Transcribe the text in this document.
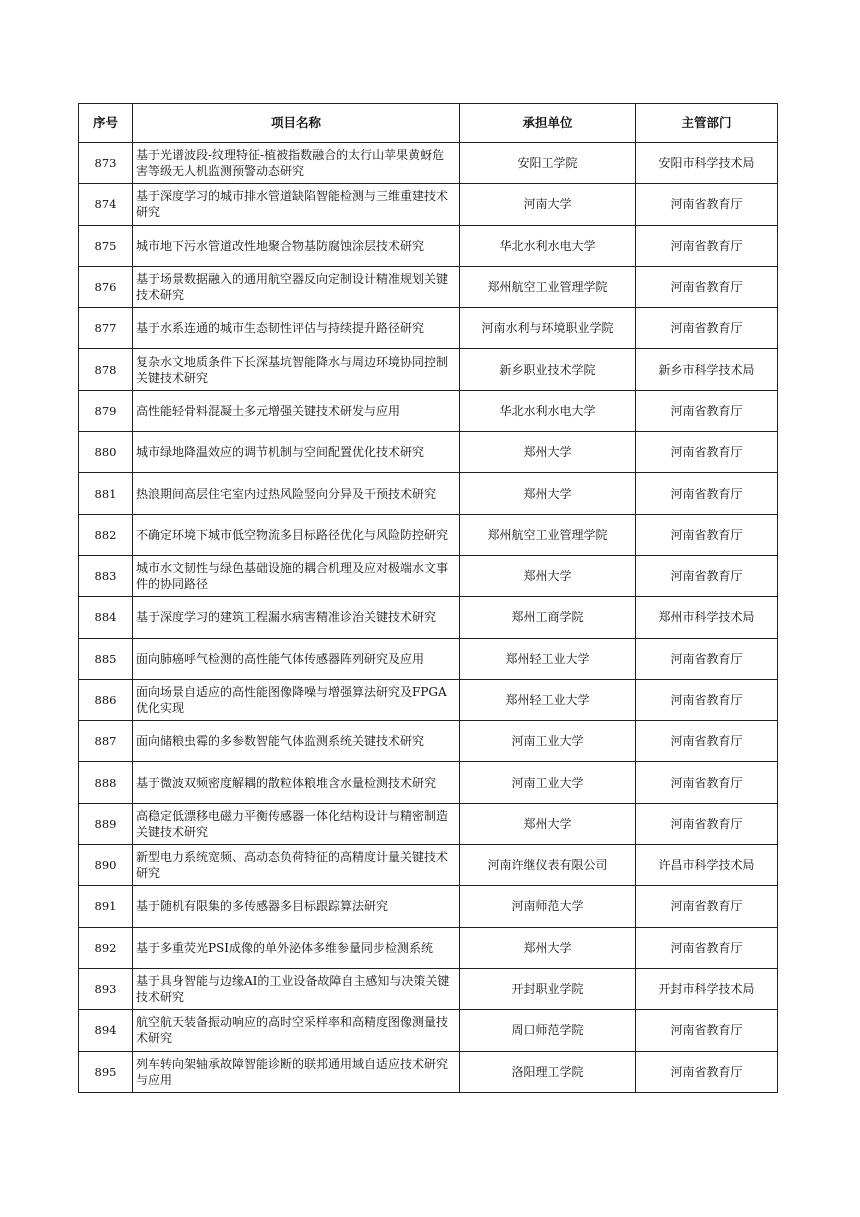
序号	项目名称	承担单位	主管部门
873	基于光谱波段-纹理特征-植被指数融合的太行山苹果黄蚜危害等级无人机监测预警动态研究	安阳工学院	安阳市科学技术局
874	基于深度学习的城市排水管道缺陷智能检测与三维重建技术研究	河南大学	河南省教育厅
875	城市地下污水管道改性地聚合物基防腐蚀涂层技术研究	华北水利水电大学	河南省教育厅
876	基于场景数据融入的通用航空器反向定制设计精准规划关键技术研究	郑州航空工业管理学院	河南省教育厅
877	基于水系连通的城市生态韧性评估与持续提升路径研究	河南水利与环境职业学院	河南省教育厅
878	复杂水文地质条件下长深基坑智能降水与周边环境协同控制关键技术研究	新乡职业技术学院	新乡市科学技术局
879	高性能轻骨料混凝土多元增强关键技术研发与应用	华北水利水电大学	河南省教育厅
880	城市绿地降温效应的调节机制与空间配置优化技术研究	郑州大学	河南省教育厅
881	热浪期间高层住宅室内过热风险竖向分异及干预技术研究	郑州大学	河南省教育厅
882	不确定环境下城市低空物流多目标路径优化与风险防控研究	郑州航空工业管理学院	河南省教育厅
883	城市水文韧性与绿色基础设施的耦合机理及应对极端水文事件的协同路径	郑州大学	河南省教育厅
884	基于深度学习的建筑工程漏水病害精准诊治关键技术研究	郑州工商学院	郑州市科学技术局
885	面向肺癌呼气检测的高性能气体传感器阵列研究及应用	郑州轻工业大学	河南省教育厅
886	面向场景自适应的高性能图像降噪与增强算法研究及FPGA优化实现	郑州轻工业大学	河南省教育厅
887	面向储粮虫霉的多参数智能气体监测系统关键技术研究	河南工业大学	河南省教育厅
888	基于微波双频密度解耦的散粒体粮堆含水量检测技术研究	河南工业大学	河南省教育厅
889	高稳定低漂移电磁力平衡传感器一体化结构设计与精密制造关键技术研究	郑州大学	河南省教育厅
890	新型电力系统宽频、高动态负荷特征的高精度计量关键技术研究	河南许继仪表有限公司	许昌市科学技术局
891	基于随机有限集的多传感器多目标跟踪算法研究	河南师范大学	河南省教育厅
892	基于多重荧光PSI成像的单外泌体多维参量同步检测系统	郑州大学	河南省教育厅
893	基于具身智能与边缘AI的工业设备故障自主感知与决策关键技术研究	开封职业学院	开封市科学技术局
894	航空航天装备振动响应的高时空采样率和高精度图像测量技术研究	周口师范学院	河南省教育厅
895	列车转向架轴承故障智能诊断的联邦通用域自适应技术研究与应用	洛阳理工学院	河南省教育厅
